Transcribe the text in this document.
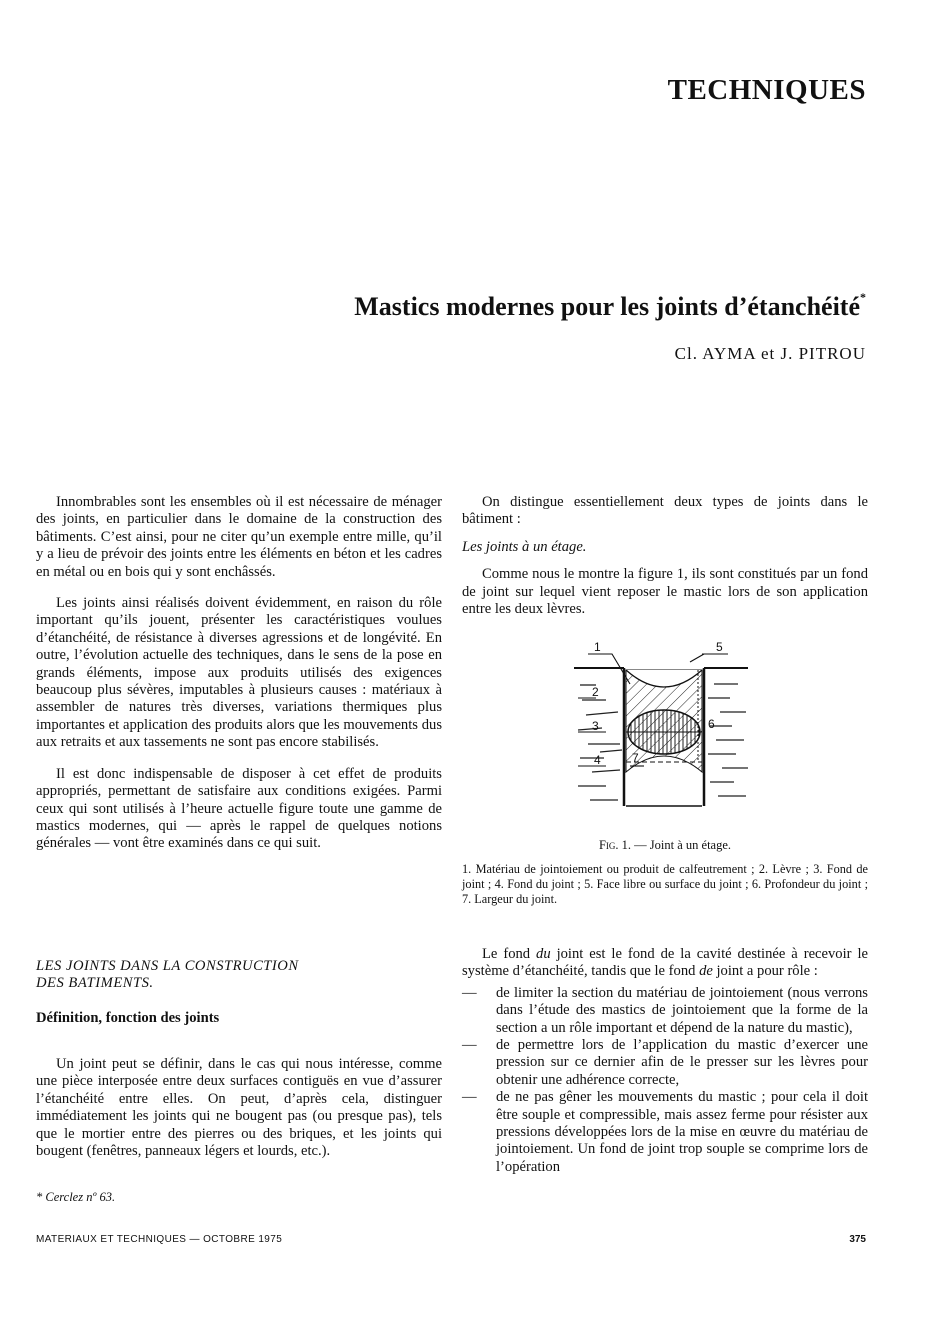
TECHNIQUES
Mastics modernes pour les joints d’étanchéité*
Cl. AYMA et J. PITROU

Innombrables sont les ensembles où il est nécessaire de ménager des joints, en particulier dans le domaine de la construction des bâtiments. C’est ainsi, pour ne citer qu’un exemple entre mille, qu’il y a lieu de prévoir des joints entre les éléments en béton et les cadres en métal ou en bois qui y sont enchâssés.

Les joints ainsi réalisés doivent évidemment, en raison du rôle important qu’ils jouent, présenter les caractéristiques voulues d’étanchéité, de résistance à diverses agressions et de longévité. En outre, l’évolution actuelle des techniques, dans le sens de la pose en grands éléments, impose aux produits utilisés des exigences beaucoup plus sévères, imputables à plusieurs causes : matériaux à assembler de natures très diverses, variations thermiques plus importantes et application des produits alors que les mouvements dus aux retraits et aux tassements ne sont pas encore stabilisés.

Il est donc indispensable de disposer à cet effet de produits appropriés, permettant de satisfaire aux conditions exigées. Parmi ceux qui sont utilisés à l’heure actuelle figure toute une gamme de mastics modernes, qui — après le rappel de quelques notions générales — vont être examinés dans ce qui suit.

On distingue essentiellement deux types de joints dans le bâtiment :

Les joints à un étage.

Comme nous le montre la figure 1, ils sont constitués par un fond de joint sur lequel vient reposer le mastic lors de son application entre les deux lèvres.

1
2
3
4
5
6
7
Fig. 1. — Joint à un étage.
1. Matériau de jointoiement ou produit de calfeutrement ; 2. Lèvre ; 3. Fond de joint ; 4. Fond du joint ; 5. Face libre ou surface du joint ; 6. Profondeur du joint ; 7. Largeur du joint.
LES JOINTS DANS LA CONSTRUCTION
DES BATIMENTS.
Définition, fonction des joints

Un joint peut se définir, dans le cas qui nous intéresse, comme une pièce interposée entre deux surfaces contiguës en vue d’assurer l’étanchéité entre elles. On peut, d’après cela, distinguer immédiatement les joints qui ne bougent pas (ou presque pas), tels que le mortier entre des pierres ou des briques, et les joints qui bougent (fenêtres, panneaux légers et lourds, etc.).

* Cerclez nº 63.

Le fond du joint est le fond de la cavité destinée à recevoir le système d’étanchéité, tandis que le fond de joint a pour rôle :

— de limiter la section du matériau de jointoiement (nous verrons dans l’étude des mastics de jointoiement que la forme de la section a un rôle important et dépend de la nature du mastic),
— de permettre lors de l’application du mastic d’exercer une pression sur ce dernier afin de le presser sur les lèvres pour obtenir une adhérence correcte,
— de ne pas gêner les mouvements du mastic ; pour cela il doit être souple et compressible, mais assez ferme pour résister aux pressions développées lors de la mise en œuvre du matériau de jointoiement. Un fond de joint trop souple se comprime lors de l’opération
MATERIAUX ET TECHNIQUES — OCTOBRE 1975	375
